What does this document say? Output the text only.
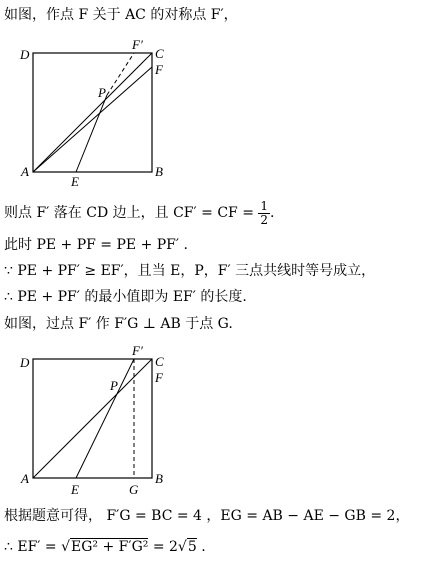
如图，作点 F 关于 AC 的对称点 F′，
D	C
F′
F
P
A	B
E
则点 F′ 落在 CD 边上，且 CF′ = CF = $\frac{1}{2}$ .
此时 PE + PF = PE + PF′ .
∵ PE + PF′ ≥ EF′，且当 E，P，F′ 三点共线时等号成立，
∴ PE + PF′ 的最小值即为 EF′ 的长度.
如图，过点 F′ 作 F′G ⊥ AB 于点 G.
D	C
F′
F
P
A	B
E	G
根据题意可得， F′G = BC = 4 ，EG = AB − AE − GB = 2，
∴ EF′ = √EG² + F′G² = 2√5 .
